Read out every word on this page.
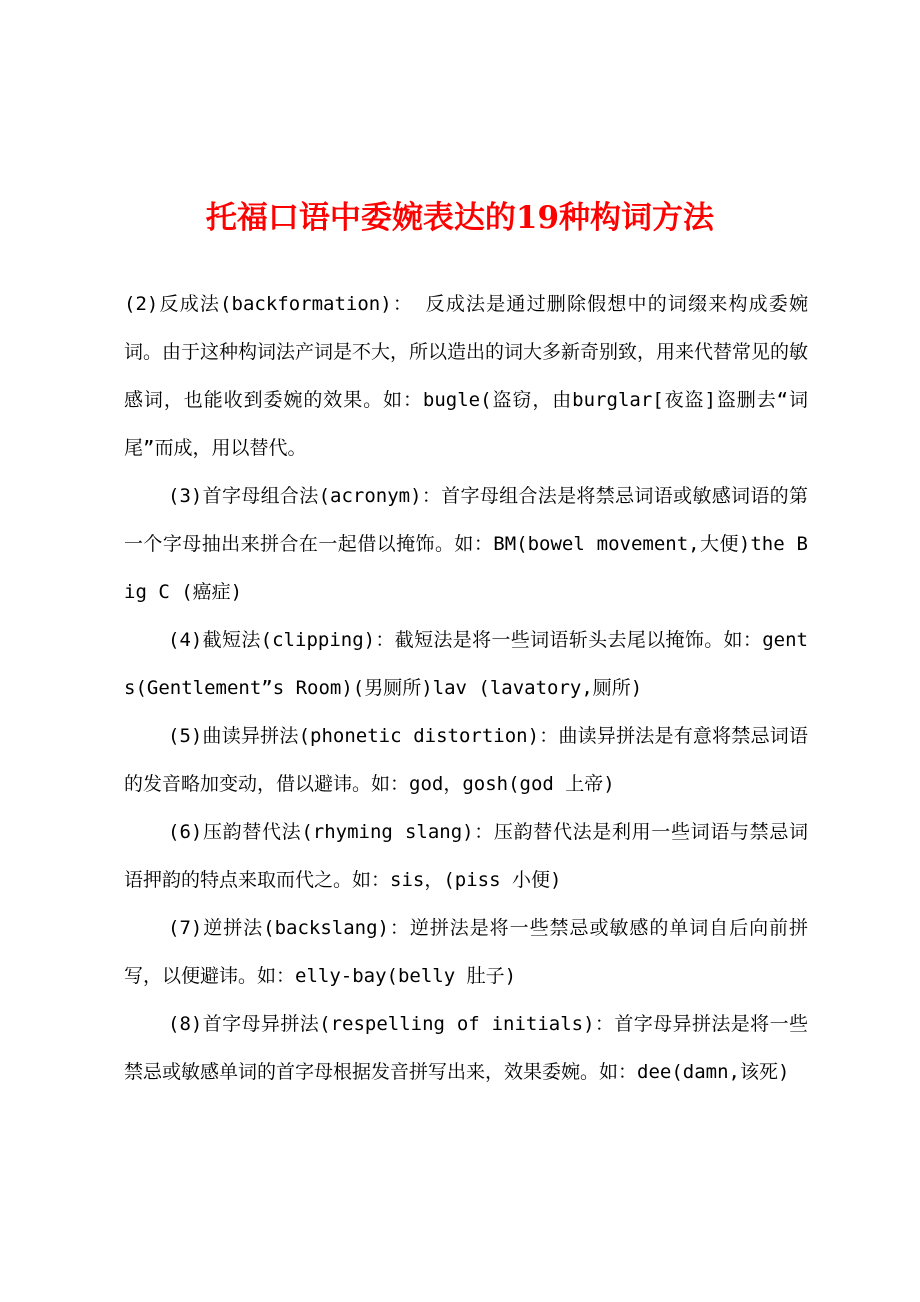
托福口语中委婉表达的19种构词方法

(2)反成法(backformation)： 反成法是通过删除假想中的词缀来构成委婉词。由于这种构词法产词是不大，所以造出的词大多新奇别致，用来代替常见的敏感词，也能收到委婉的效果。如：bugle(盗窃，由burglar[夜盗]盗删去“词尾”而成，用以替代。

(3)首字母组合法(acronym)：首字母组合法是将禁忌词语或敏感词语的第一个字母抽出来拼合在一起借以掩饰。如：BM(bowel movement,大便)the Big C (癌症)

(4)截短法(clipping)：截短法是将一些词语斩头去尾以掩饰。如：gents(Gentlement”s Room)(男厕所)lav (lavatory,厕所)

(5)曲读异拼法(phonetic distortion)：曲读异拼法是有意将禁忌词语的发音略加变动，借以避讳。如：god，gosh(god 上帝)

(6)压韵替代法(rhyming slang)：压韵替代法是利用一些词语与禁忌词语押韵的特点来取而代之。如：sis，(piss 小便)

(7)逆拼法(backslang)：逆拼法是将一些禁忌或敏感的单词自后向前拼写，以便避讳。如：elly-bay(belly 肚子)

(8)首字母异拼法(respelling of initials)：首字母异拼法是将一些禁忌或敏感单词的首字母根据发音拼写出来，效果委婉。如：dee(damn,该死)
